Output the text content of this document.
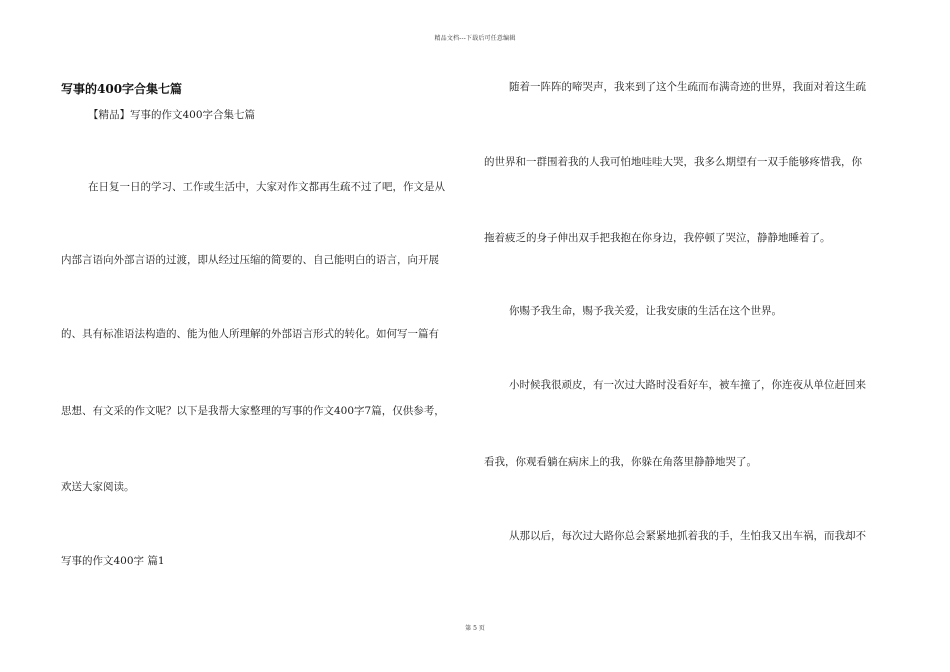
精品文档---下载后可任意编辑
写事的400字合集七篇
【精品】写事的作文400字合集七篇
在日复一日的学习、工作或生活中，大家对作文都再生疏不过了吧，作文是从
内部言语向外部言语的过渡，即从经过压缩的简要的、自己能明白的语言，向开展
的、具有标准语法构造的、能为他人所理解的外部语言形式的转化。如何写一篇有
思想、有文采的作文呢？以下是我帮大家整理的写事的作文400字7篇，仅供参考，
欢送大家阅读。
写事的作文400字 篇1
随着一阵阵的啼哭声，我来到了这个生疏而布满奇迹的世界，我面对着这生疏
的世界和一群围着我的人我可怕地哇哇大哭，我多么期望有一双手能够疼惜我，你
拖着疲乏的身子伸出双手把我抱在你身边，我停顿了哭泣，静静地睡着了。
你赐予我生命，赐予我关爱，让我安康的生活在这个世界。
小时候我很顽皮，有一次过大路时没看好车，被车撞了，你连夜从单位赶回来
看我，你观看躺在病床上的我，你躲在角落里静静地哭了。
从那以后，每次过大路你总会紧紧地抓着我的手，生怕我又出车祸，而我却不
第 5 页
